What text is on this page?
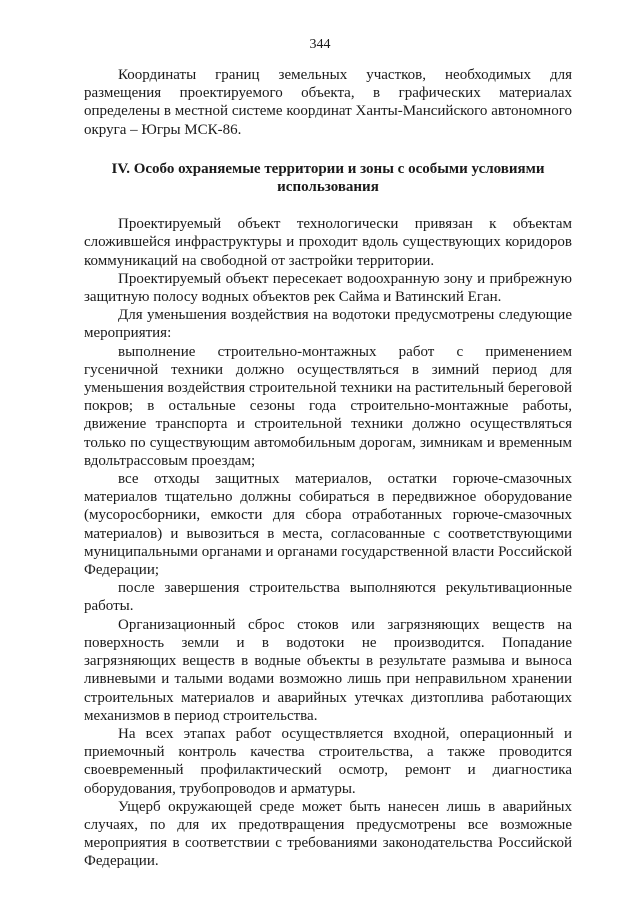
344

Координаты границ земельных участков, необходимых для размещения проектируемого объекта, в графических материалах определены в местной системе координат Ханты-Мансийского автономного округа – Югры МСК-86.

IV. Особо охраняемые территории и зоны с особыми условиями использования

Проектируемый объект технологически привязан к объектам сложившейся инфраструктуры и проходит вдоль существующих коридоров коммуникаций на свободной от застройки территории.

Проектируемый объект пересекает водоохранную зону и прибрежную защитную полосу водных объектов рек Сайма и Ватинский Еган.

Для уменьшения воздействия на водотоки предусмотрены следующие мероприятия:

выполнение строительно-монтажных работ с применением гусеничной техники должно осуществляться в зимний период для уменьшения воздействия строительной техники на растительный береговой покров; в остальные сезоны года строительно-монтажные работы, движение транспорта и строительной техники должно осуществляться только по существующим автомобильным дорогам, зимникам и временным вдольтрассовым проездам;

все отходы защитных материалов, остатки горюче-смазочных материалов тщательно должны собираться в передвижное оборудование (мусоросборники, емкости для сбора отработанных горюче-смазочных материалов) и вывозиться в места, согласованные с соответствующими муниципальными органами и органами государственной власти Российской Федерации;

после завершения строительства выполняются рекультивационные работы.

Организационный сброс стоков или загрязняющих веществ на поверхность земли и в водотоки не производится. Попадание загрязняющих веществ в водные объекты в результате размыва и выноса ливневыми и талыми водами возможно лишь при неправильном хранении строительных материалов и аварийных утечках дизтоплива работающих механизмов в период строительства.

На всех этапах работ осуществляется входной, операционный и приемочный контроль качества строительства, а также проводится своевременный профилактический осмотр, ремонт и диагностика оборудования, трубопроводов и арматуры.

Ущерб окружающей среде может быть нанесен лишь в аварийных случаях, по для их предотвращения предусмотрены все возможные мероприятия в соответствии с требованиями законодательства Российской Федерации.
